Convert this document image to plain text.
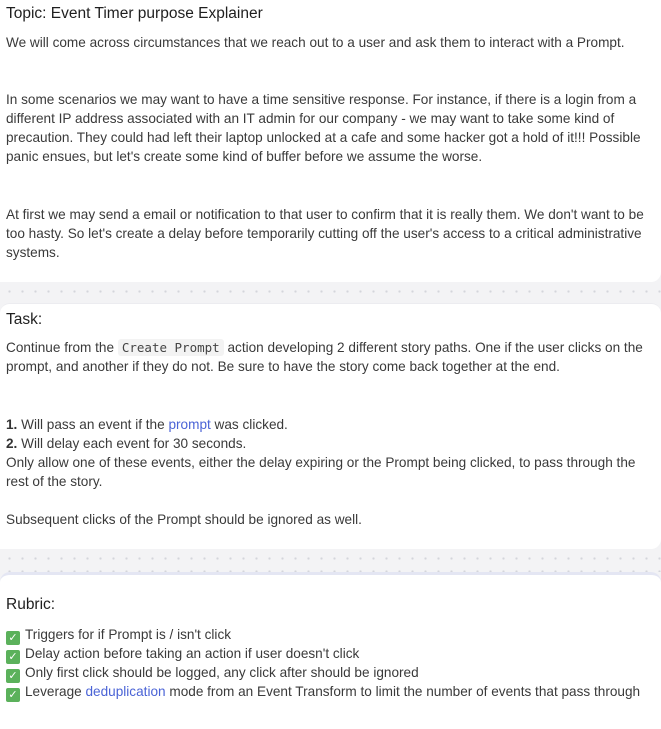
Topic: Event Timer purpose Explainer

We will come across circumstances that we reach out to a user and ask them to interact with a Prompt.

In some scenarios we may want to have a time sensitive response. For instance, if there is a login from a different IP address associated with an IT admin for our company - we may want to take some kind of precaution. They could had left their laptop unlocked at a cafe and some hacker got a hold of it!!! Possible panic ensues, but let's create some kind of buffer before we assume the worse.

At first we may send a email or notification to that user to confirm that it is really them. We don't want to be too hasty. So let's create a delay before temporarily cutting off the user's access to a critical administrative systems.

Task:

Continue from the Create Prompt action developing 2 different story paths. One if the user clicks on the prompt, and another if they do not. Be sure to have the story come back together at the end.

1. Will pass an event if the prompt was clicked.

2. Will delay each event for 30 seconds.

Only allow one of these events, either the delay expiring or the Prompt being clicked, to pass through the rest of the story.

Subsequent clicks of the Prompt should be ignored as well.

Rubric:

✓ Triggers for if Prompt is / isn't click

✓ Delay action before taking an action if user doesn't click

✓ Only first click should be logged, any click after should be ignored

✓ Leverage deduplication mode from an Event Transform to limit the number of events that pass through
